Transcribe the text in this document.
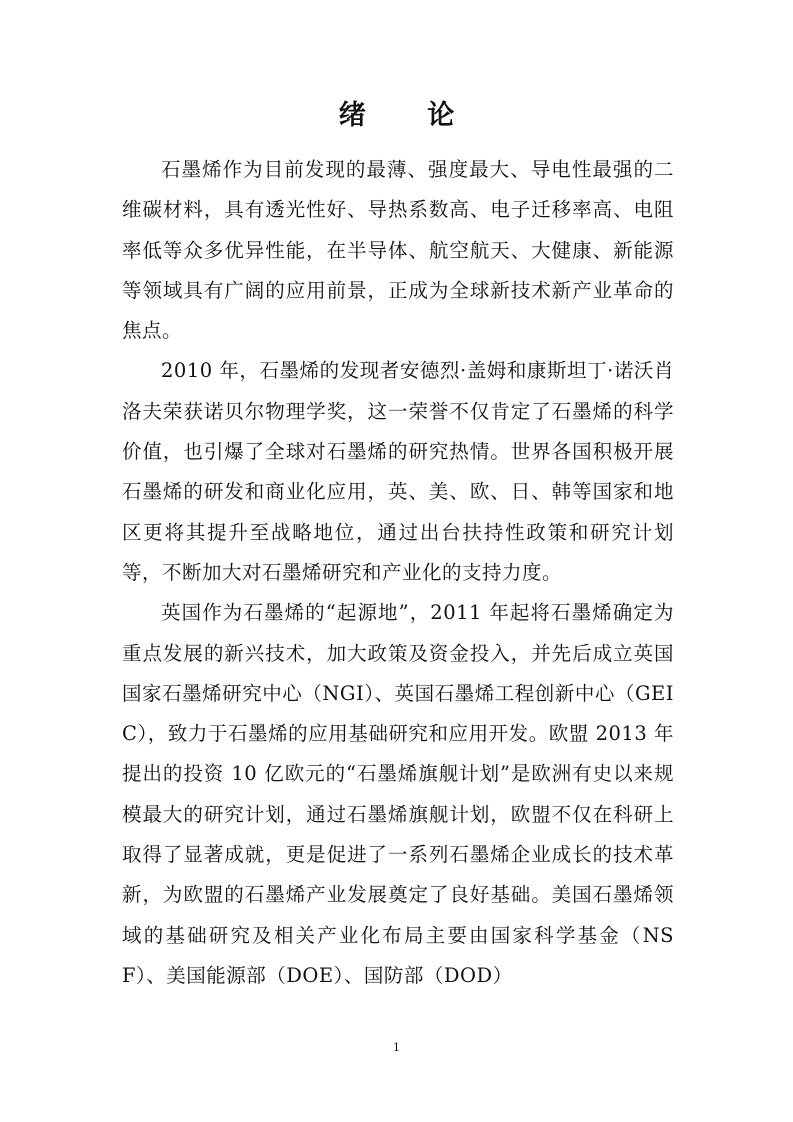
绪 论

石墨烯作为目前发现的最薄、强度最大、导电性最强的二维碳材料，具有透光性好、导热系数高、电子迁移率高、电阻率低等众多优异性能，在半导体、航空航天、大健康、新能源等领域具有广阔的应用前景，正成为全球新技术新产业革命的焦点。

2010 年，石墨烯的发现者安德烈·盖姆和康斯坦丁·诺沃肖洛夫荣获诺贝尔物理学奖，这一荣誉不仅肯定了石墨烯的科学价值，也引爆了全球对石墨烯的研究热情。世界各国积极开展石墨烯的研发和商业化应用，英、美、欧、日、韩等国家和地区更将其提升至战略地位，通过出台扶持性政策和研究计划等，不断加大对石墨烯研究和产业化的支持力度。

英国作为石墨烯的“起源地”，2011 年起将石墨烯确定为重点发展的新兴技术，加大政策及资金投入，并先后成立英国国家石墨烯研究中心（NGI）、英国石墨烯工程创新中心（GEIC），致力于石墨烯的应用基础研究和应用开发。欧盟 2013 年提出的投资 10 亿欧元的“石墨烯旗舰计划”是欧洲有史以来规模最大的研究计划，通过石墨烯旗舰计划，欧盟不仅在科研上取得了显著成就，更是促进了一系列石墨烯企业成长的技术革新，为欧盟的石墨烯产业发展奠定了良好基础。美国石墨烯领域的基础研究及相关产业化布局主要由国家科学基金（NSF）、美国能源部（DOE）、国防部（DOD）

1
